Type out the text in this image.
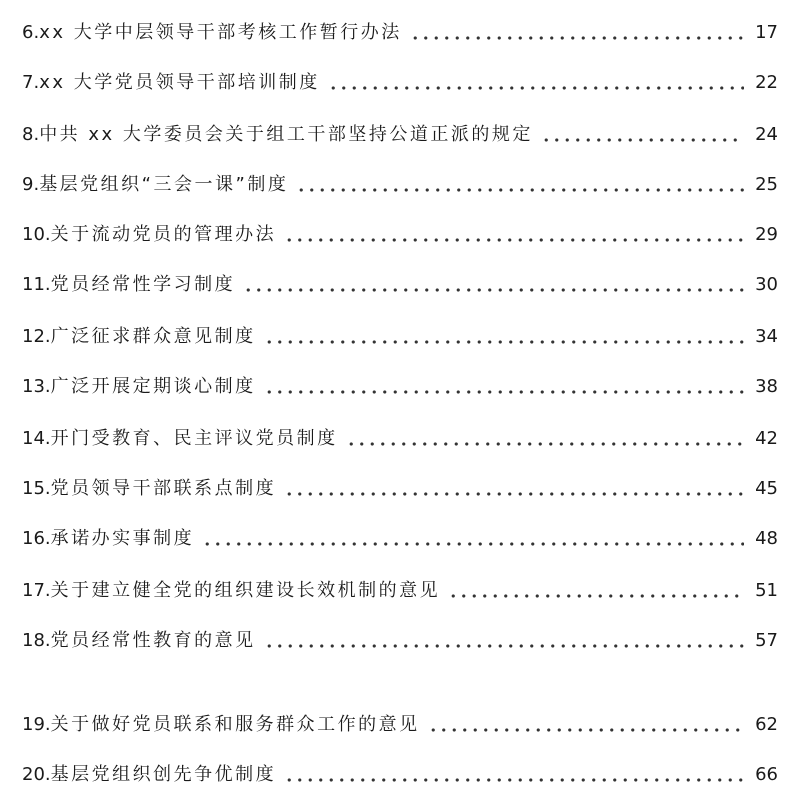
6. xx 大学中层领导干部考核工作暂行办法	17
7. xx 大学党员领导干部培训制度	22
8. 中共 xx 大学委员会关于组工干部坚持公道正派的规定	24
9. 基层党组织“三会一课”制度	25
10. 关于流动党员的管理办法	29
11. 党员经常性学习制度	30
12. 广泛征求群众意见制度	34
13. 广泛开展定期谈心制度	38
14. 开门受教育、民主评议党员制度	42
15. 党员领导干部联系点制度	45
16. 承诺办实事制度	48
17. 关于建立健全党的组织建设长效机制的意见	51
18. 党员经常性教育的意见	57
19. 关于做好党员联系和服务群众工作的意见	62
20. 基层党组织创先争优制度	66
